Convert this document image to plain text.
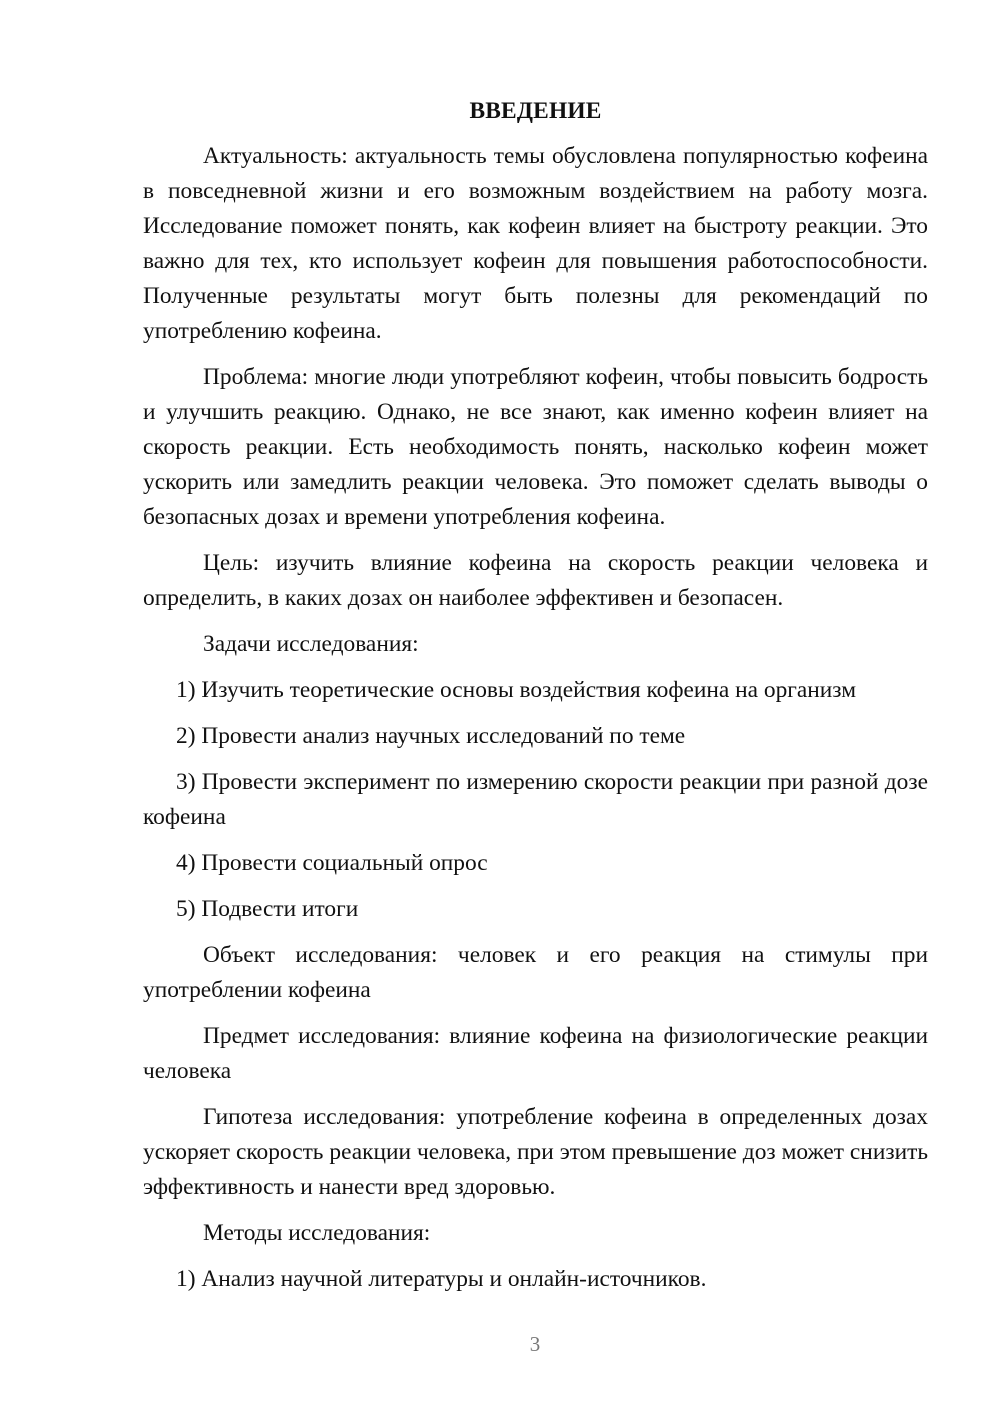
ВВЕДЕНИЕ

Актуальность: актуальность темы обусловлена популярностью кофеина в повседневной жизни и его возможным воздействием на работу мозга. Исследование поможет понять, как кофеин влияет на быстроту реакции. Это важно для тех, кто использует кофеин для повышения работоспособности. Полученные результаты могут быть полезны для рекомендаций по употреблению кофеина.

Проблема: многие люди употребляют кофеин, чтобы повысить бодрость и улучшить реакцию. Однако, не все знают, как именно кофеин влияет на скорость реакции. Есть необходимость понять, насколько кофеин может ускорить или замедлить реакции человека. Это поможет сделать выводы о безопасных дозах и времени употребления кофеина.

Цель: изучить влияние кофеина на скорость реакции человека и определить, в каких дозах он наиболее эффективен и безопасен.

Задачи исследования:

1) Изучить теоретические основы воздействия кофеина на организм

2) Провести анализ научных исследований по теме

3) Провести эксперимент по измерению скорости реакции при разной дозе кофеина

4) Провести социальный опрос

5) Подвести итоги

Объект исследования: человек и его реакция на стимулы при употреблении кофеина

Предмет исследования: влияние кофеина на физиологические реакции человека

Гипотеза исследования: употребление кофеина в определенных дозах ускоряет скорость реакции человека, при этом превышение доз может снизить эффективность и нанести вред здоровью.

Методы исследования:

1) Анализ научной литературы и онлайн-источников.

3
